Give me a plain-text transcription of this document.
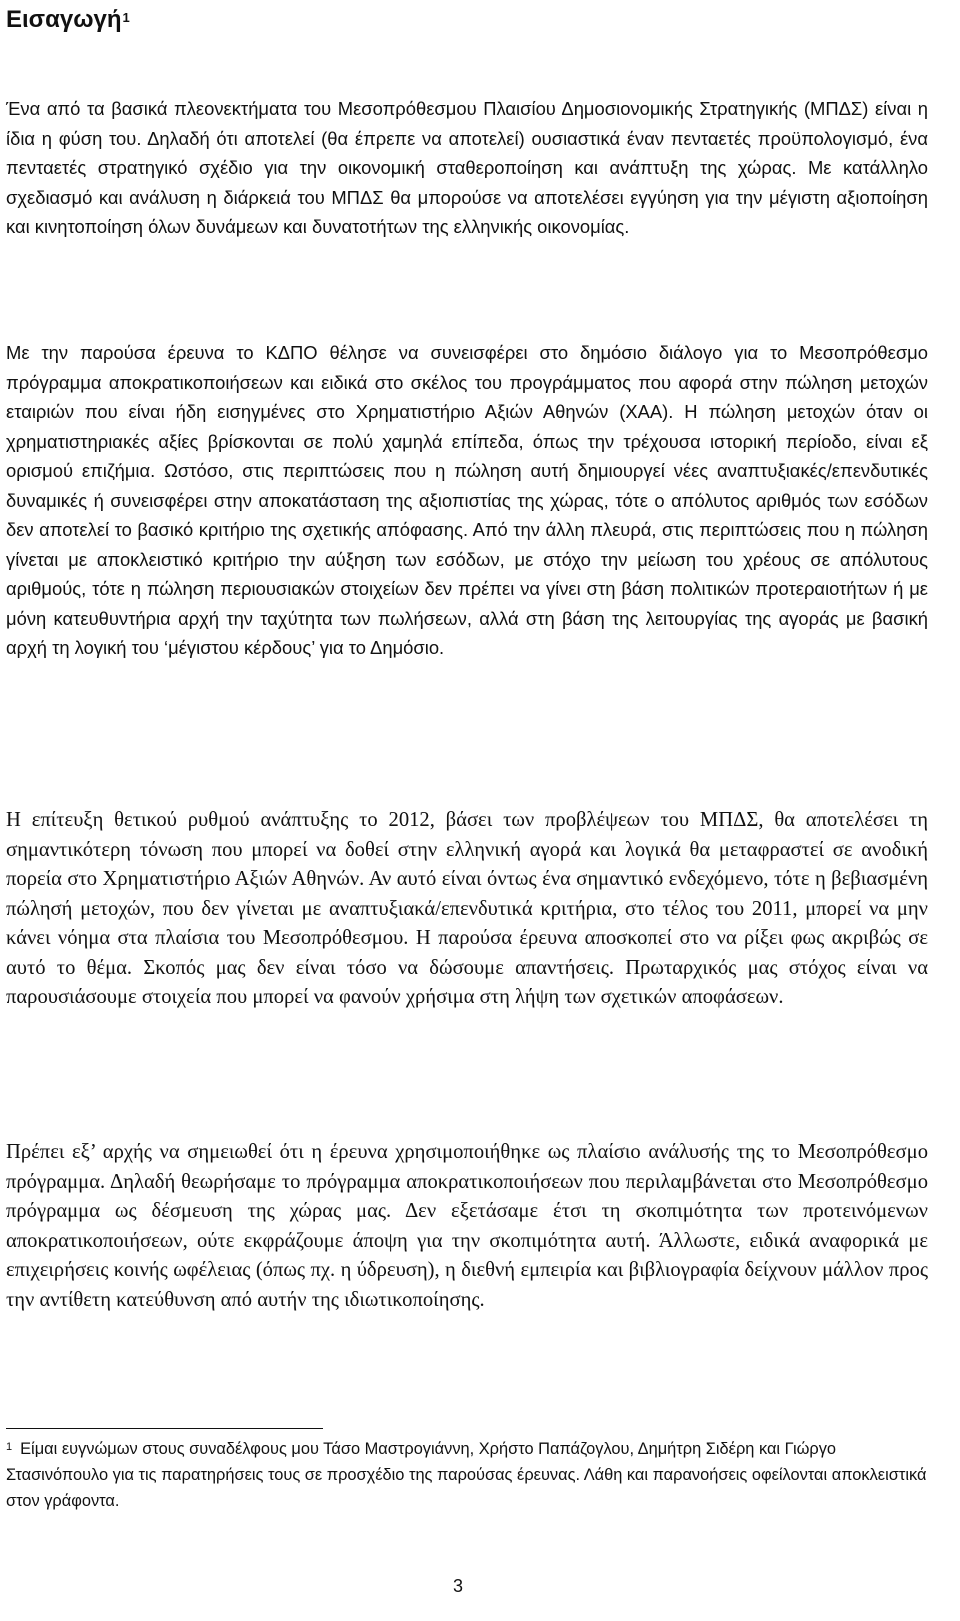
Εισαγωγή$^1$

Ένα από τα βασικά πλεονεκτήματα του Μεσοπρόθεσμου Πλαισίου Δημοσιονομικής Στρατηγικής (ΜΠΔΣ) είναι η ίδια η φύση του. Δηλαδή ότι αποτελεί (θα έπρεπε να αποτελεί) ουσιαστικά έναν πενταετές προϋπολογισμό, ένα πενταετές στρατηγικό σχέδιο για την οικονομική σταθεροποίηση και ανάπτυξη της χώρας. Με κατάλληλο σχεδιασμό και ανάλυση η διάρκειά του ΜΠΔΣ θα μπορούσε να αποτελέσει εγγύηση για την μέγιστη αξιοποίηση και κινητοποίηση όλων δυνάμεων και δυνατοτήτων της ελληνικής οικονομίας.

Με την παρούσα έρευνα το ΚΔΠΟ θέλησε να συνεισφέρει στο δημόσιο διάλογο για το Μεσοπρόθεσμο πρόγραμμα αποκρατικοποιήσεων και ειδικά στο σκέλος του προγράμματος που αφορά στην πώληση μετοχών εταιριών που είναι ήδη εισηγμένες στο Χρηματιστήριο Αξιών Αθηνών (ΧΑΑ). Η πώληση μετοχών όταν οι χρηματιστηριακές αξίες βρίσκονται σε πολύ χαμηλά επίπεδα, όπως την τρέχουσα ιστορική περίοδο, είναι εξ ορισμού επιζήμια. Ωστόσο, στις περιπτώσεις που η πώληση αυτή δημιουργεί νέες αναπτυξιακές/επενδυτικές δυναμικές ή συνεισφέρει στην αποκατάσταση της αξιοπιστίας της χώρας, τότε ο απόλυτος αριθμός των εσόδων δεν αποτελεί το βασικό κριτήριο της σχετικής απόφασης. Από την άλλη πλευρά, στις περιπτώσεις που η πώληση γίνεται με αποκλειστικό κριτήριο την αύξηση των εσόδων, με στόχο την μείωση του χρέους σε απόλυτους αριθμούς, τότε η πώληση περιουσιακών στοιχείων δεν πρέπει να γίνει στη βάση πολιτικών προτεραιοτήτων ή με μόνη κατευθυντήρια αρχή την ταχύτητα των πωλήσεων, αλλά στη βάση της λειτουργίας της αγοράς με βασική αρχή τη λογική του ‘μέγιστου κέρδους’ για το Δημόσιο.

Η επίτευξη θετικού ρυθμού ανάπτυξης το 2012, βάσει των προβλέψεων του ΜΠΔΣ, θα αποτελέσει τη σημαντικότερη τόνωση που μπορεί να δοθεί στην ελληνική αγορά και λογικά θα μεταφραστεί σε ανοδική πορεία στο Χρηματιστήριο Αξιών Αθηνών. Αν αυτό είναι όντως ένα σημαντικό ενδεχόμενο, τότε η βεβιασμένη πώλησή μετοχών, που δεν γίνεται με αναπτυξιακά/επενδυτικά κριτήρια, στο τέλος του 2011, μπορεί να μην κάνει νόημα στα πλαίσια του Μεσοπρόθεσμου. Η παρούσα έρευνα αποσκοπεί στο να ρίξει φως ακριβώς σε αυτό το θέμα. Σκοπός μας δεν είναι τόσο να δώσουμε απαντήσεις. Πρωταρχικός μας στόχος είναι να παρουσιάσουμε στοιχεία που μπορεί να φανούν χρήσιμα στη λήψη των σχετικών αποφάσεων.

Πρέπει εξ’ αρχής να σημειωθεί ότι η έρευνα χρησιμοποιήθηκε ως πλαίσιο ανάλυσής της το Μεσοπρόθεσμο πρόγραμμα. Δηλαδή θεωρήσαμε το πρόγραμμα αποκρατικοποιήσεων που περιλαμβάνεται στο Μεσοπρόθεσμο πρόγραμμα ως δέσμευση της χώρας μας. Δεν εξετάσαμε έτσι τη σκοπιμότητα των προτεινόμενων αποκρατικοποιήσεων, ούτε εκφράζουμε άποψη για την σκοπιμότητα αυτή. Άλλωστε, ειδικά αναφορικά με επιχειρήσεις κοινής ωφέλειας (όπως πχ. η ύδρευση), η διεθνή εμπειρία και βιβλιογραφία δείχνουν μάλλον προς την αντίθετη κατεύθυνση από αυτήν της ιδιωτικοποίησης.

$^1$ Είμαι ευγνώμων στους συναδέλφους μου Τάσο Μαστρογιάννη, Χρήστο Παπάζογλου, Δημήτρη Σιδέρη και Γιώργο Στασινόπουλο για τις παρατηρήσεις τους σε προσχέδιο της παρούσας έρευνας. Λάθη και παρανοήσεις οφείλονται αποκλειστικά στον γράφοντα.

3
